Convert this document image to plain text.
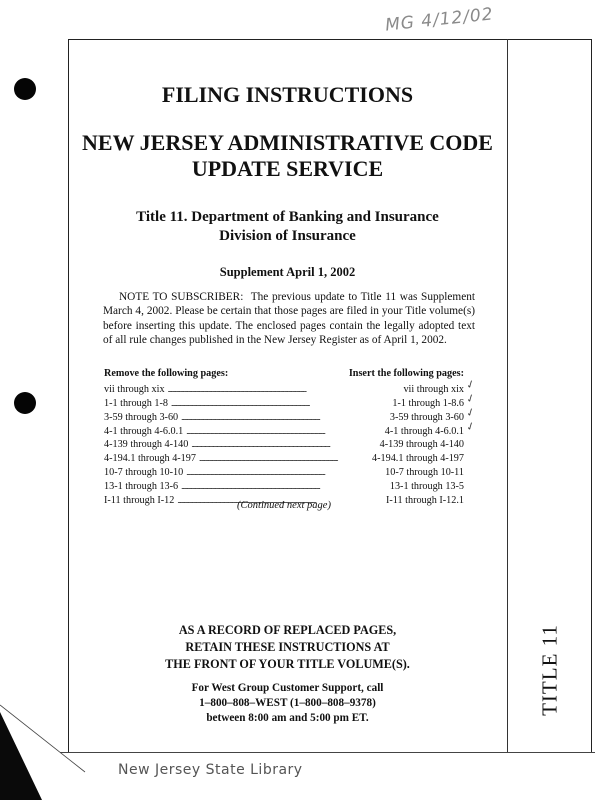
MG 4/12/02
FILING INSTRUCTIONS
NEW JERSEY ADMINISTRATIVE CODE
UPDATE SERVICE
Title 11. Department of Banking and Insurance
Division of Insurance
Supplement April 1, 2002
NOTE TO SUBSCRIBER: The previous update to Title 11 was Supplement March 4, 2002. Please be certain that those pages are filed in your Title volume(s) before inserting this update. The enclosed pages contain the legally adopted text of all rule changes published in the New Jersey Register as of April 1, 2002.
Remove the following pages:	Insert the following pages:
vii through xix . . .	vii through xix
1-1 through 1-8 . . .	1-1 through 1-8.6
3-59 through 3-60 . . .	3-59 through 3-60
4-1 through 4-6.0.1 . . .	4-1 through 4-6.0.1
4-139 through 4-140 . . .	4-139 through 4-140
4-194.1 through 4-197 . . .	4-194.1 through 4-197
10-7 through 10-10 . . .	10-7 through 10-11
13-1 through 13-6 . . .	13-1 through 13-5
I-11 through I-12 . . .	I-11 through I-12.1
✓
✓
✓
✓
(Continued next page)
AS A RECORD OF REPLACED PAGES,
RETAIN THESE INSTRUCTIONS AT
THE FRONT OF YOUR TITLE VOLUME(S).
For West Group Customer Support, call
1–800–808–WEST (1–800–808–9378)
between 8:00 am and 5:00 pm ET.
TITLE 11
New Jersey State Library
